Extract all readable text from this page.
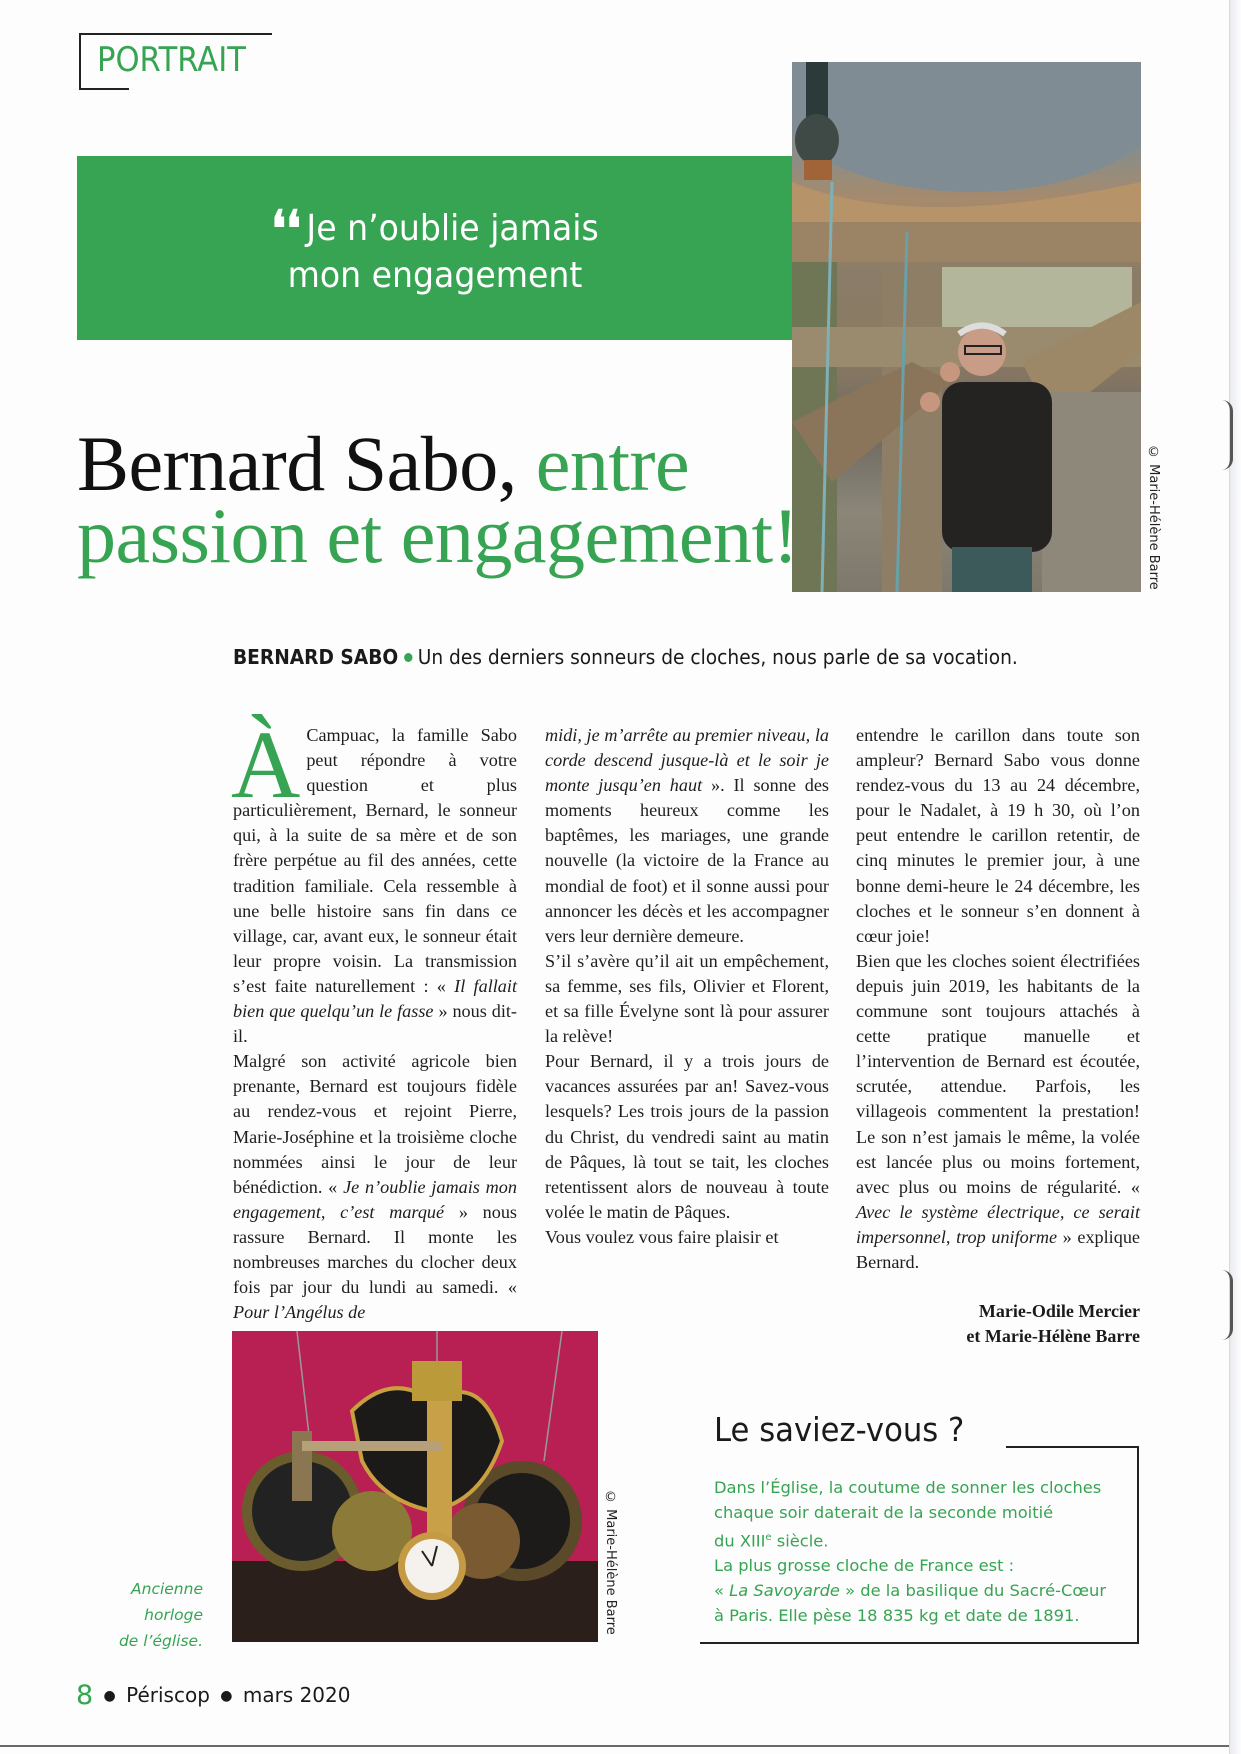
PORTRAIT
❛❛ Je n’oublie jamais
mon engagement
© Marie-Hélène Barre
Bernard Sabo, entre
passion et engagement!
BERNARD SABO Un des derniers sonneurs de cloches, nous parle de sa vocation.

À Campuac, la famille Sabo peut répondre à votre question et plus particulièrement, Bernard, le sonneur qui, à la suite de sa mère et de son frère perpétue au fil des années, cette tradition familiale. Cela ressemble à une belle histoire sans fin dans ce village, car, avant eux, le sonneur était leur propre voisin. La transmission s’est faite naturellement : « Il fallait bien que quelqu’un le fasse » nous dit-il.

Malgré son activité agricole bien prenante, Bernard est toujours fidèle au rendez-vous et rejoint Pierre, Marie-Joséphine et la troisième cloche nommées ainsi le jour de leur bénédiction. « Je n’oublie jamais mon engagement, c’est marqué » nous rassure Bernard. Il monte les nombreuses marches du clocher deux fois par jour du lundi au samedi. « Pour l’Angélus de

midi, je m’arrête au premier niveau, la corde descend jusque-là et le soir je monte jusqu’en haut ». Il sonne des moments heureux comme les baptêmes, les mariages, une grande nouvelle (la victoire de la France au mondial de foot) et il sonne aussi pour annoncer les décès et les accompagner vers leur dernière demeure.

S’il s’avère qu’il ait un empêchement, sa femme, ses fils, Olivier et Florent, et sa fille Évelyne sont là pour assurer la relève!

Pour Bernard, il y a trois jours de vacances assurées par an! Savez-vous lesquels? Les trois jours de la passion du Christ, du vendredi saint au matin de Pâques, là tout se tait, les cloches retentissent alors de nouveau à toute volée le matin de Pâques.

Vous voulez vous faire plaisir et

entendre le carillon dans toute son ampleur? Bernard Sabo vous donne rendez-vous du 13 au 24 décembre, pour le Nadalet, à 19 h 30, où l’on peut entendre le carillon retentir, de cinq minutes le premier jour, à une bonne demi-heure le 24 décembre, les cloches et le sonneur s’en donnent à cœur joie!

Bien que les cloches soient électrifiées depuis juin 2019, les habitants de la commune sont toujours attachés à cette pratique manuelle et l’intervention de Bernard est écoutée, scrutée, attendue. Parfois, les villageois commentent la prestation! Le son n’est jamais le même, la volée est lancée plus ou moins fortement, avec plus ou moins de régularité. « Avec le système électrique, ce serait impersonnel, trop uniforme » explique Bernard.

Marie-Odile Mercier
et Marie-Hélène Barre
© Marie-Hélène Barre
Ancienne
horloge
de l’église.
Le saviez-vous ?

Dans l’Église, la coutume de sonner les cloches

chaque soir daterait de la seconde moitié

du XIIIe siècle.

La plus grosse cloche de France est :

« La Savoyarde » de la basilique du Sacré-Cœur

à Paris. Elle pèse 18 835 kg et date de 1891.

8 ● Périscop ● mars 2020
